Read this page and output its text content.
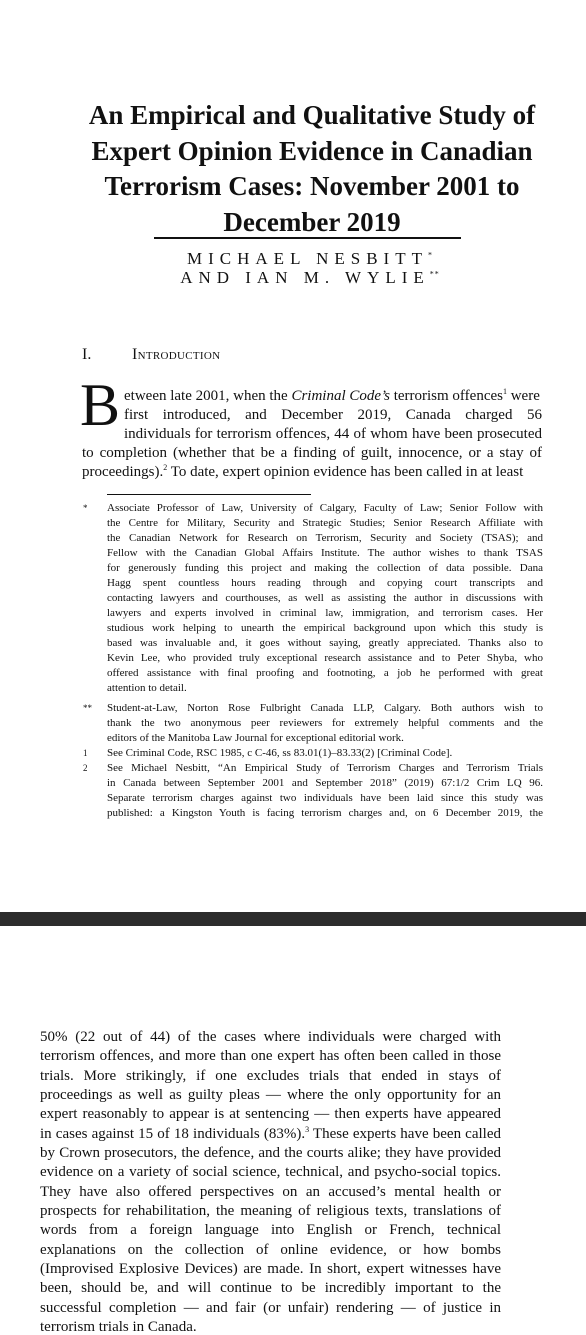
An Empirical and Qualitative Study of Expert Opinion Evidence in Canadian Terrorism Cases: November 2001 to December 2019
MICHAEL NESBITT*
AND IAN M. WYLIE**
I.	Introduction
B etween late 2001, when the Criminal Code’s terrorism offences$^1$ were
first introduced, and December 2019, Canada charged 56
individuals for terrorism offences, 44 of whom have been prosecuted
to completion (whether that be a finding of guilt, innocence, or a stay of
proceedings).$^2$ To date, expert opinion evidence has been called in at least
*
**
1
2
Associate Professor of Law, University of Calgary, Faculty of Law; Senior Follow with
the Centre for Military, Security and Strategic Studies; Senior Research Affiliate with
the Canadian Network for Research on Terrorism, Security and Society (TSAS); and
Fellow with the Canadian Global Affairs Institute. The author wishes to thank TSAS
for generously funding this project and making the collection of data possible. Dana
Hagg spent countless hours reading through and copying court transcripts and
contacting lawyers and courthouses, as well as assisting the author in discussions with
lawyers and experts involved in criminal law, immigration, and terrorism cases. Her
studious work helping to unearth the empirical background upon which this study is
based was invaluable and, it goes without saying, greatly appreciated. Thanks also to
Kevin Lee, who provided truly exceptional research assistance and to Peter Shyba, who
offered assistance with final proofing and footnoting, a job he performed with great
attention to detail.
Student-at-Law, Norton Rose Fulbright Canada LLP, Calgary. Both authors wish to
thank the two anonymous peer reviewers for extremely helpful comments and the
editors of the Manitoba Law Journal for exceptional editorial work.
See Criminal Code, RSC 1985, c C-46, ss 83.01(1)–83.33(2) [Criminal Code].
See Michael Nesbitt, “An Empirical Study of Terrorism Charges and Terrorism Trials
in Canada between September 2001 and September 2018” (2019) 67:1/2 Crim LQ 96.
Separate terrorism charges against two individuals have been laid since this study was
published: a Kingston Youth is facing terrorism charges and, on 6 December 2019, the
50% (22 out of 44) of the cases where individuals were charged with
terrorism offences, and more than one expert has often been called in those
trials. More strikingly, if one excludes trials that ended in stays of
proceedings as well as guilty pleas — where the only opportunity for an
expert reasonably to appear is at sentencing — then experts have appeared
in cases against 15 of 18 individuals (83%).$^3$ These experts have been called
by Crown prosecutors, the defence, and the courts alike; they have provided
evidence on a variety of social science, technical, and psycho-social topics.
They have also offered perspectives on an accused’s mental health or
prospects for rehabilitation, the meaning of religious texts, translations of
words from a foreign language into English or French, technical
explanations on the collection of online evidence, or how bombs
(Improvised Explosive Devices) are made. In short, expert witnesses have
been, should be, and will continue to be incredibly important to the
successful completion — and fair (or unfair) rendering — of justice in
terrorism trials in Canada.
